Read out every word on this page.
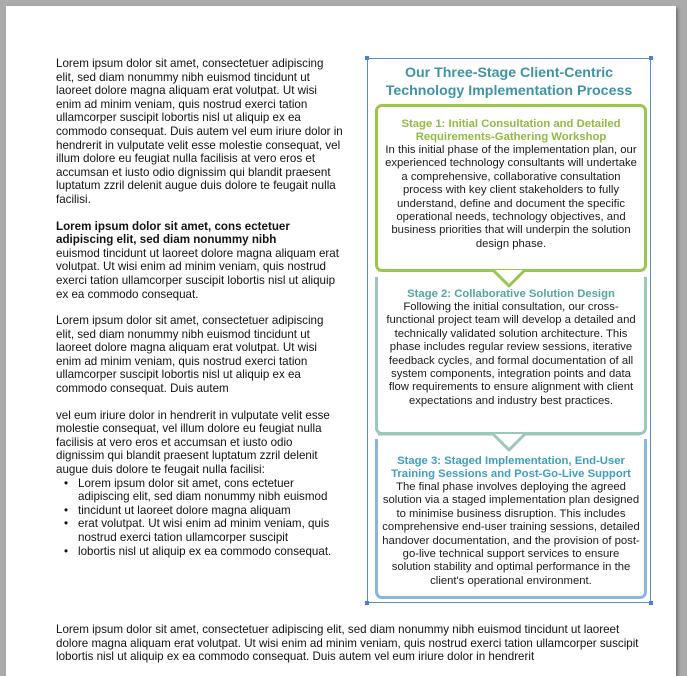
Lorem ipsum dolor sit amet, consectetuer adipiscing elit, sed diam nonummy nibh euismod tincidunt ut laoreet dolore magna aliquam erat volutpat. Ut wisi enim ad minim veniam, quis nostrud exerci tation ullamcorper suscipit lobortis nisl ut aliquip ex ea commodo consequat. Duis autem vel eum iriure dolor in hendrerit in vulputate velit esse molestie consequat, vel illum dolore eu feugiat nulla facilisis at vero eros et accumsan et iusto odio dignissim qui blandit praesent luptatum zzril delenit augue duis dolore te feugait nulla facilisi.

Lorem ipsum dolor sit amet, cons ectetuer adipiscing elit, sed diam nonummy nibh
euismod tincidunt ut laoreet dolore magna aliquam erat volutpat. Ut wisi enim ad minim veniam, quis nostrud exerci tation ullamcorper suscipit lobortis nisl ut aliquip ex ea commodo consequat.

Lorem ipsum dolor sit amet, consectetuer adipiscing elit, sed diam nonummy nibh euismod tincidunt ut laoreet dolore magna aliquam erat volutpat. Ut wisi enim ad minim veniam, quis nostrud exerci tation ullamcorper suscipit lobortis nisl ut aliquip ex ea commodo consequat. Duis autem

vel eum iriure dolor in hendrerit in vulputate velit esse molestie consequat, vel illum dolore eu feugiat nulla facilisis at vero eros et accumsan et iusto odio dignissim qui blandit praesent luptatum zzril delenit augue duis dolore te feugait nulla facilisi:

• Lorem ipsum dolor sit amet, cons ectetuer adipiscing elit, sed diam nonummy nibh euismod
• tincidunt ut laoreet dolore magna aliquam
• erat volutpat. Ut wisi enim ad minim veniam, quis nostrud exerci tation ullamcorper suscipit
• lobortis nisl ut aliquip ex ea commodo consequat.
Lorem ipsum dolor sit amet, consectetuer adipiscing elit, sed diam nonummy nibh euismod tincidunt ut laoreet dolore magna aliquam erat volutpat. Ut wisi enim ad minim veniam, quis nostrud exerci tation ullamcorper suscipit lobortis nisl ut aliquip ex ea commodo consequat. Duis autem vel eum iriure dolor in hendrerit
Our Three-Stage Client-Centric Technology Implementation Process
Stage 1: Initial Consultation and Detailed Requirements-Gathering Workshop
In this initial phase of the implementation plan, our experienced technology consultants will undertake a comprehensive, collaborative consultation process with key client stakeholders to fully understand, define and document the specific operational needs, technology objectives, and business priorities that will underpin the solution design phase.
Stage 2: Collaborative Solution Design
Following the initial consultation, our cross-functional project team will develop a detailed and technically validated solution architecture. This phase includes regular review sessions, iterative feedback cycles, and formal documentation of all system components, integration points and data flow requirements to ensure alignment with client expectations and industry best practices.
Stage 3: Staged Implementation, End-User Training Sessions and Post-Go-Live Support
The final phase involves deploying the agreed solution via a staged implementation plan designed to minimise business disruption. This includes comprehensive end-user training sessions, detailed handover documentation, and the provision of post-go-live technical support services to ensure solution stability and optimal performance in the client's operational environment.
